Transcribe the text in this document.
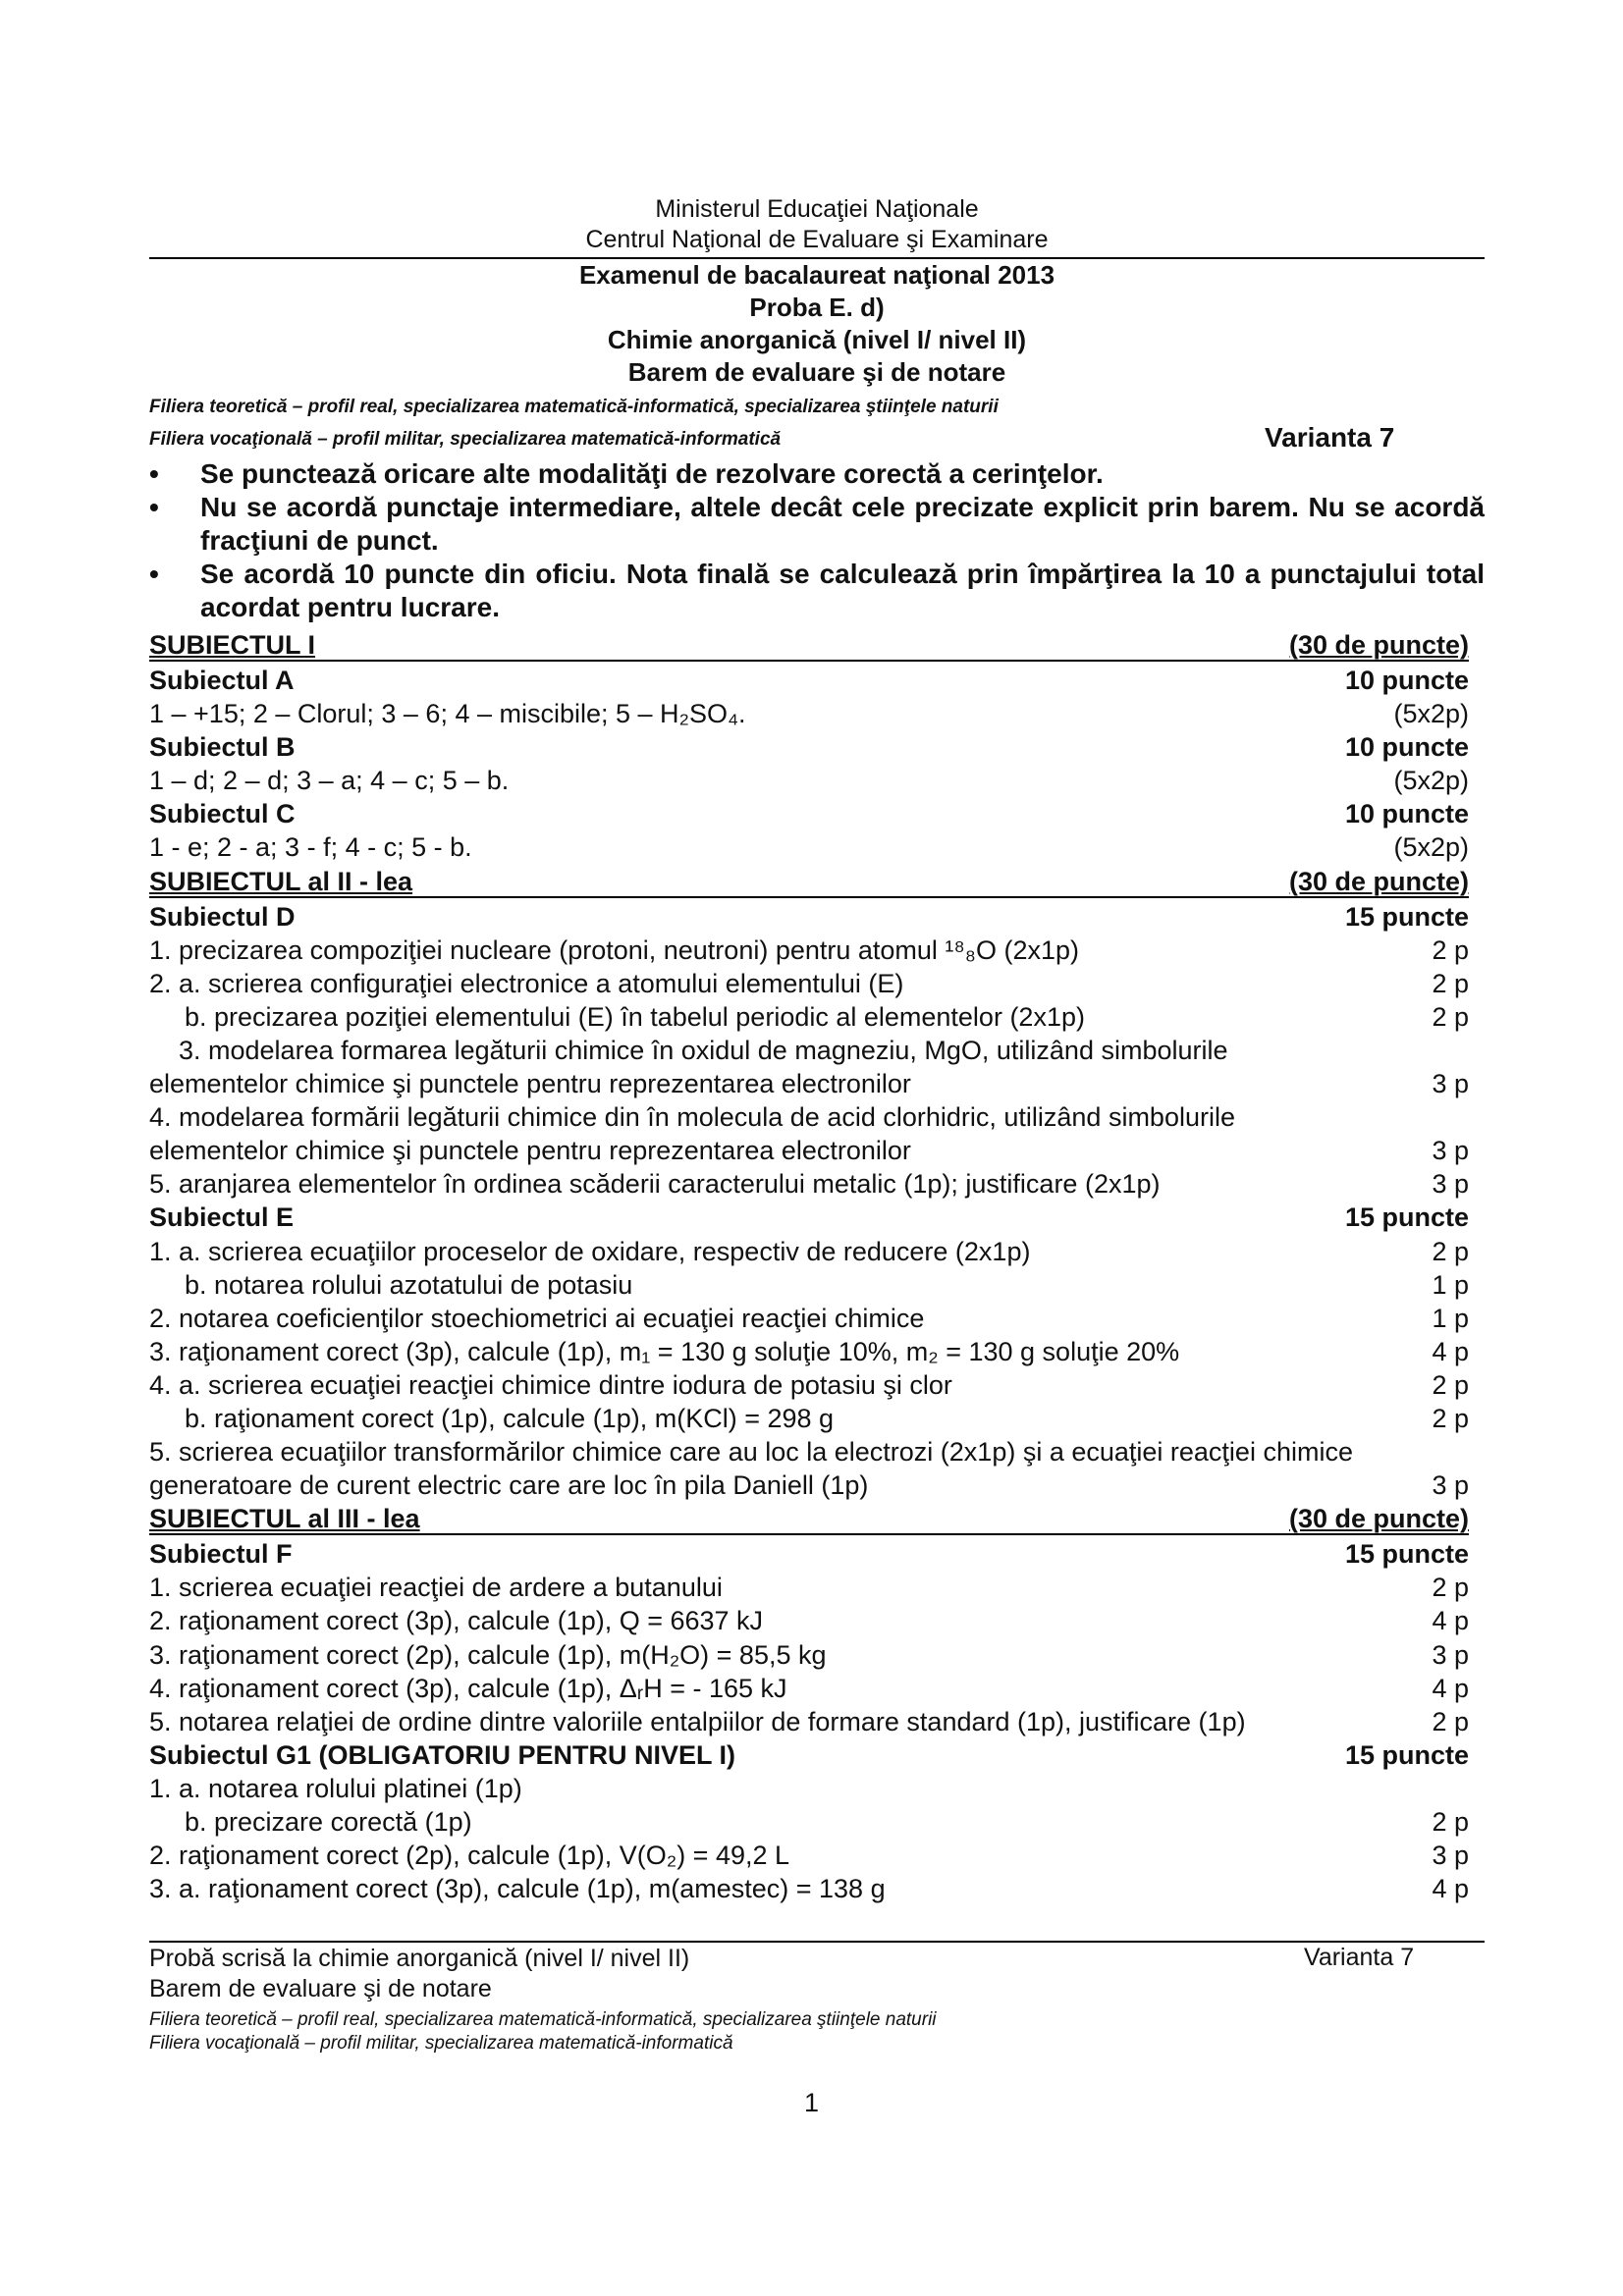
Ministerul Educaţiei Naţionale
Centrul Naţional de Evaluare şi Examinare
Examenul de bacalaureat naţional 2013
Proba E. d)
Chimie anorganică (nivel I/ nivel II)
Barem de evaluare şi de notare
Filiera teoretică – profil real, specializarea matematică-informatică, specializarea ştiinţele naturii
Filiera vocaţională – profil militar, specializarea matematică-informatică	Varianta 7
• Se punctează oricare alte modalităţi de rezolvare corectă a cerinţelor.
• Nu se acordă punctaje intermediare, altele decât cele precizate explicit prin barem. Nu se acordă fracţiuni de punct.
• Se acordă 10 puncte din oficiu. Nota finală se calculează prin împărţirea la 10 a punctajului total acordat pentru lucrare.
SUBIECTUL I	(30 de puncte)
Subiectul A	10 puncte
1 – +15; 2 – Clorul; 3 – 6; 4 – miscibile; 5 – H₂SO₄.	(5x2p)
Subiectul B	10 puncte
1 – d; 2 – d; 3 – a; 4 – c; 5 – b.	(5x2p)
Subiectul C	10 puncte
1 - e; 2 - a; 3 - f; 4 - c; 5 - b.	(5x2p)
SUBIECTUL al II - lea	(30 de puncte)
Subiectul D	15 puncte
1. precizarea compoziţiei nucleare (protoni, neutroni) pentru atomul ¹⁸₈O (2x1p)	2 p
2. a. scrierea configuraţiei electronice a atomului elementului (E)	2 p
b. precizarea poziţiei elementului (E) în tabelul periodic al elementelor (2x1p)	2 p
3. modelarea formarea legăturii chimice în oxidul de magneziu, MgO, utilizând simbolurile
elementelor chimice şi punctele pentru reprezentarea electronilor	3 p
4. modelarea formării legăturii chimice din în molecula de acid clorhidric, utilizând simbolurile
elementelor chimice şi punctele pentru reprezentarea electronilor	3 p
5. aranjarea elementelor în ordinea scăderii caracterului metalic (1p); justificare (2x1p)	3 p
Subiectul E	15 puncte
1. a. scrierea ecuaţiilor proceselor de oxidare, respectiv de reducere (2x1p)	2 p
b. notarea rolului azotatului de potasiu	1 p
2. notarea coeficienţilor stoechiometrici ai ecuaţiei reacţiei chimice	1 p
3. raţionament corect (3p), calcule (1p), m₁ = 130 g soluţie 10%, m₂ = 130 g soluţie 20%	4 p
4. a. scrierea ecuaţiei reacţiei chimice dintre iodura de potasiu şi clor	2 p
b. raţionament corect (1p), calcule (1p), m(KCl) = 298 g	2 p
5. scrierea ecuaţiilor transformărilor chimice care au loc la electrozi (2x1p) şi a ecuaţiei reacţiei chimice
generatoare de curent electric care are loc în pila Daniell (1p)	3 p
SUBIECTUL al III - lea	(30 de puncte)
Subiectul F	15 puncte
1. scrierea ecuaţiei reacţiei de ardere a butanului	2 p
2. raţionament corect (3p), calcule (1p), Q = 6637 kJ	4 p
3. raţionament corect (2p), calcule (1p), m(H₂O) = 85,5 kg	3 p
4. raţionament corect (3p), calcule (1p), ΔᵣH = - 165 kJ	4 p
5. notarea relaţiei de ordine dintre valoriile entalpiilor de formare standard (1p), justificare (1p)	2 p
Subiectul G1 (OBLIGATORIU PENTRU NIVEL I)	15 puncte
1. a. notarea rolului platinei (1p)
b. precizare corectă (1p)	2 p
2. raţionament corect (2p), calcule (1p), V(O₂) = 49,2 L	3 p
3. a. raţionament corect (3p), calcule (1p), m(amestec) = 138 g	4 p
Probă scrisă la chimie anorganică (nivel I/ nivel II)
Barem de evaluare şi de notare
Varianta 7
Filiera teoretică – profil real, specializarea matematică-informatică, specializarea ştiinţele naturii
Filiera vocaţională – profil militar, specializarea matematică-informatică
1
